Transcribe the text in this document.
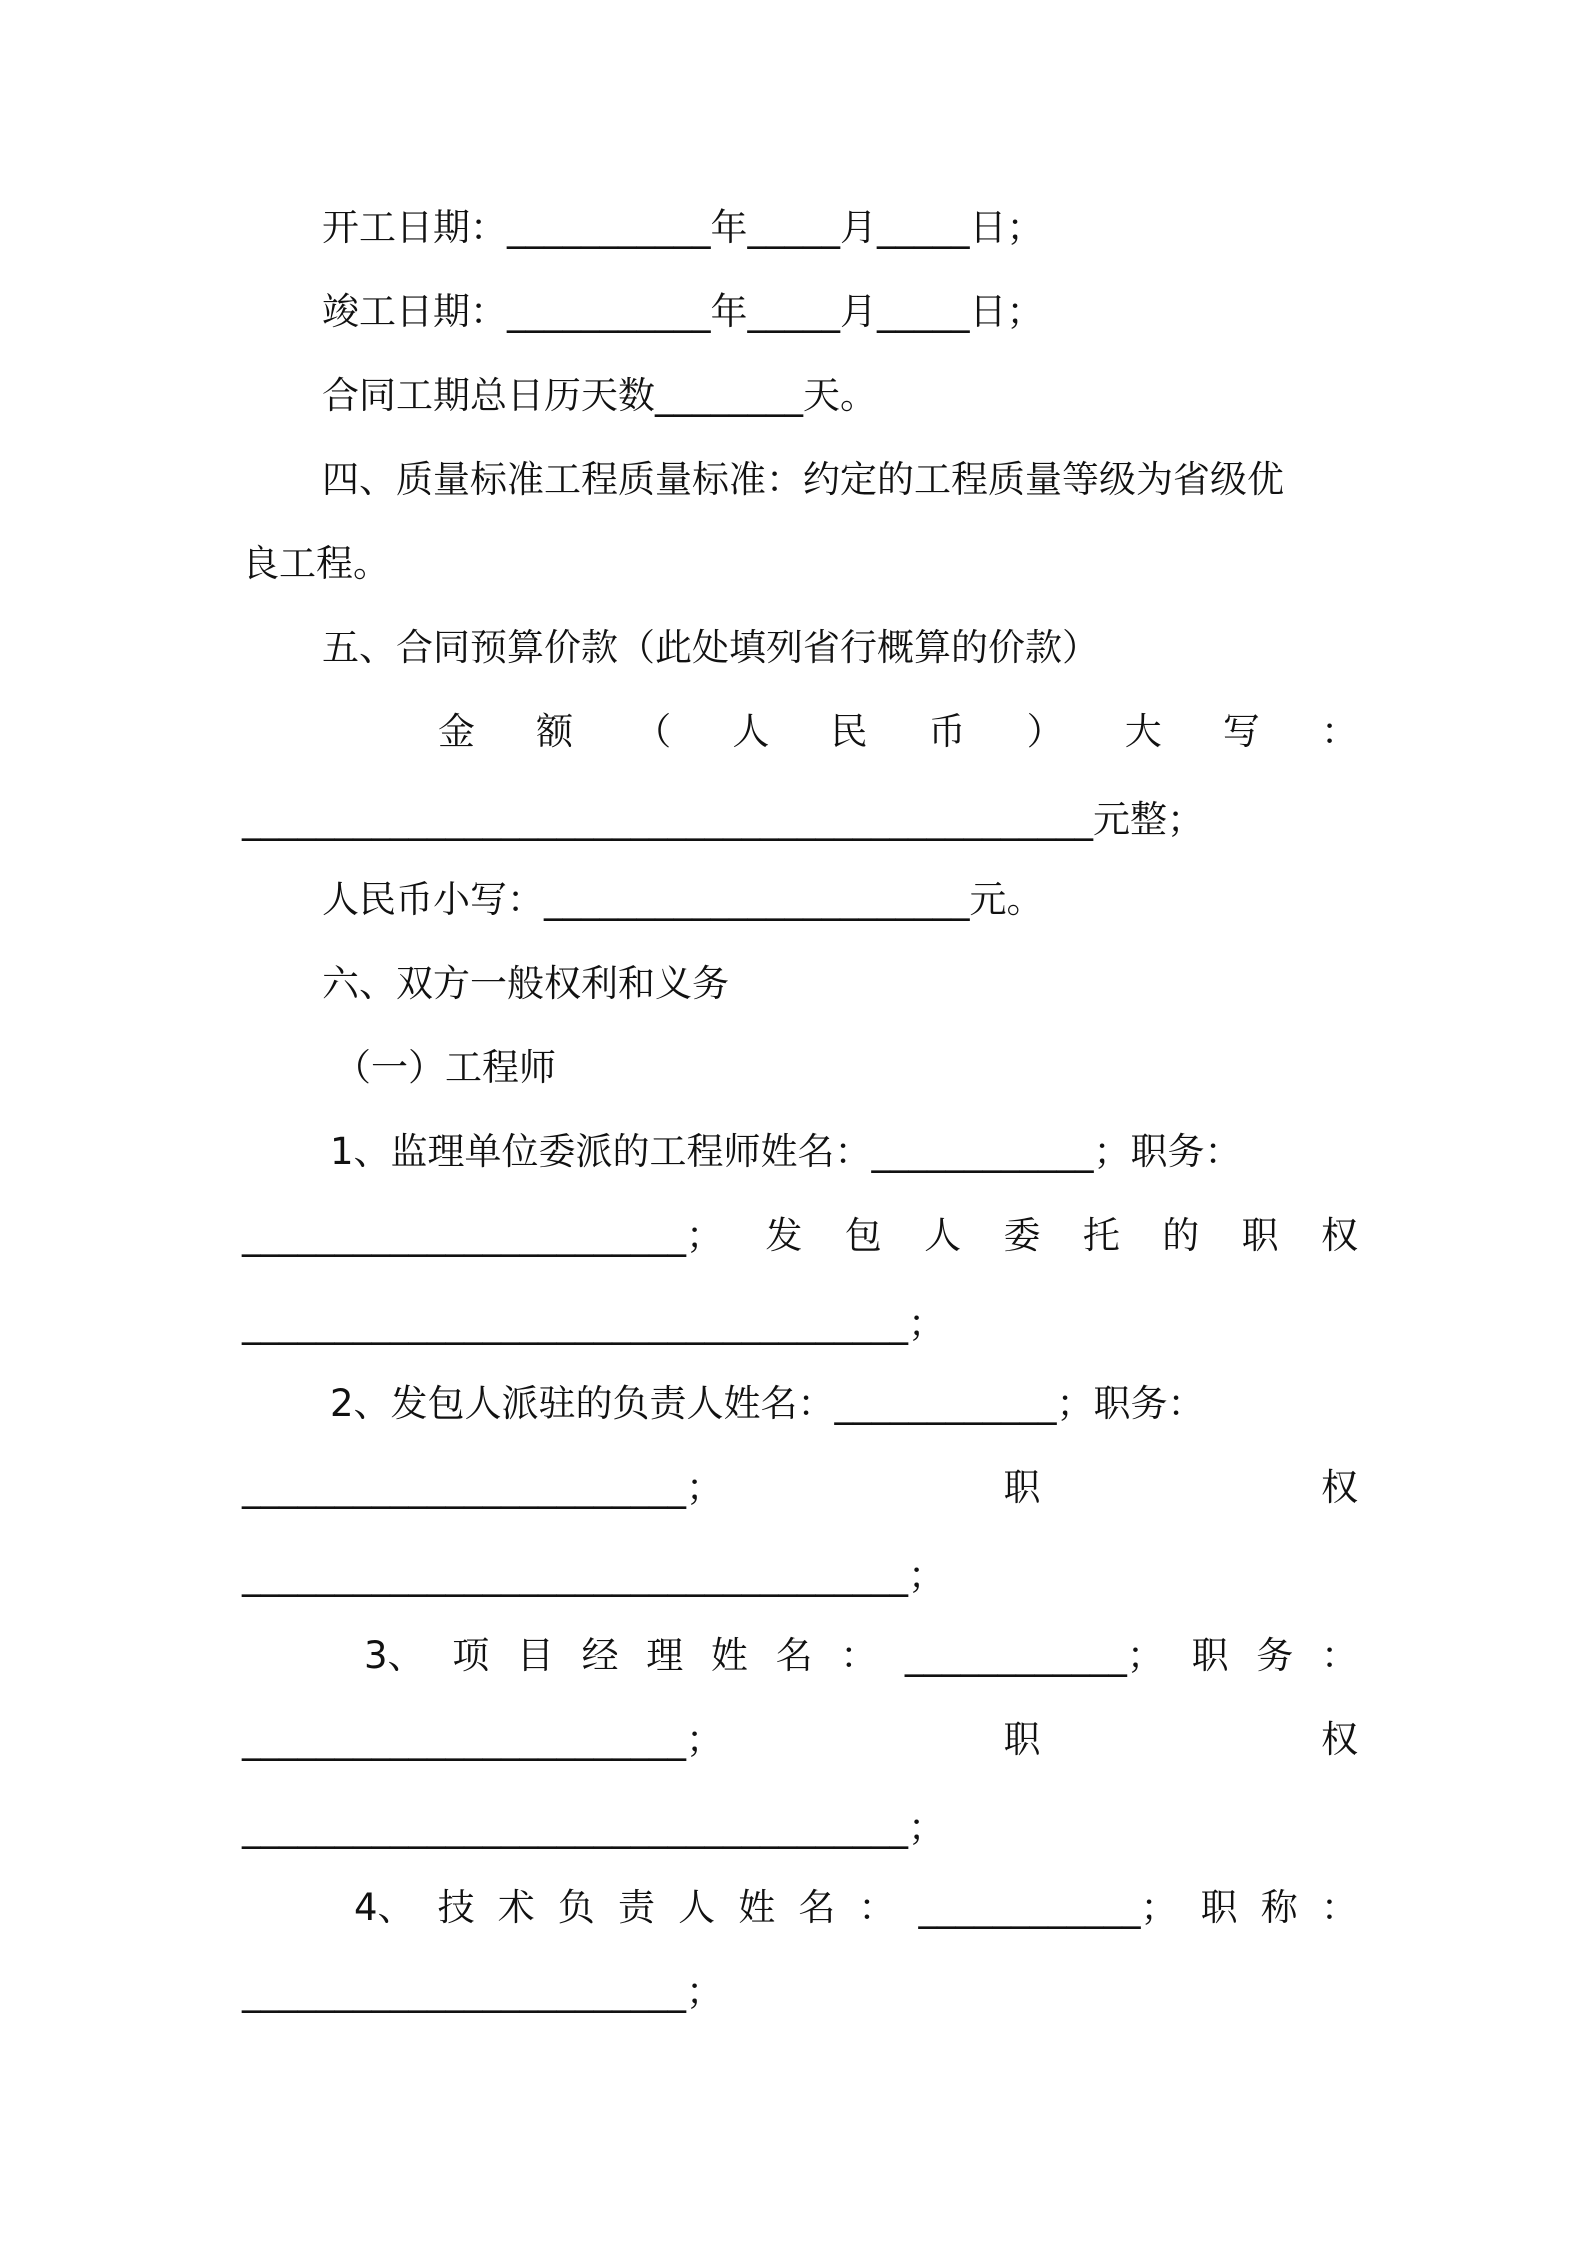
开工日期：___________年_____月_____日；

竣工日期：___________年_____月_____日；

合同工期总日历天数________天。

四、质量标准工程质量标准：约定的工程质量等级为省级优

良工程。

五、合同预算价款（此处填列省行概算的价款）

金 额 （ 人 民 币 ） 大 写 ：

______________________________________________元整；

人民币小写：_______________________元。

六、双方一般权利和义务

（一）工程师

1、监理单位委派的工程师姓名：____________；职务：

________________________； 发 包 人 委 托 的 职 权

____________________________________；

2、发包人派驻的负责人姓名：____________；职务：

________________________；	职	权

____________________________________；

3、 项 目 经 理 姓 名 ： ____________； 职 务 ：
________________________；	职	权

____________________________________；

4、 技 术 负 责 人 姓 名 ： ____________； 职 称 ：

________________________；
